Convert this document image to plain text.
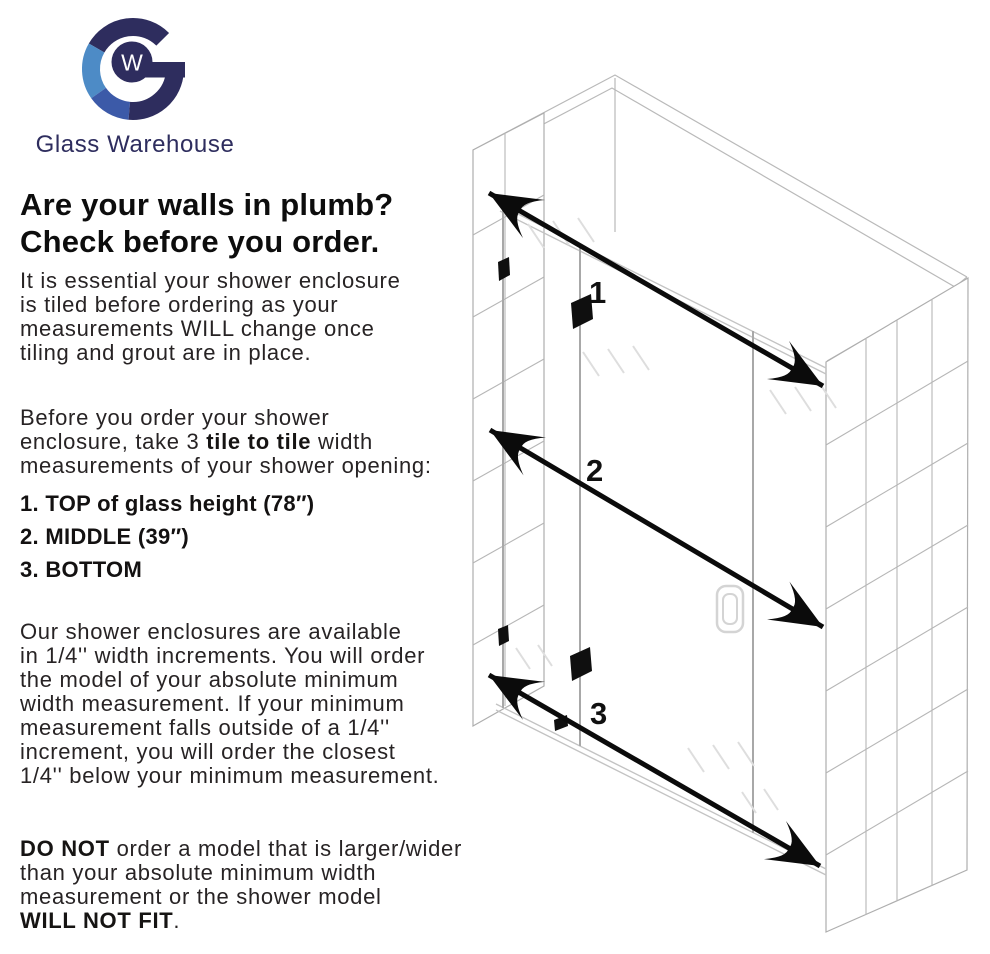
W
Glass Warehouse
Are your walls in plumb?
Check before you order.
It is essential your shower enclosure
is tiled before ordering as your
measurements WILL change once
tiling and grout are in place.
Before you order your shower
enclosure, take 3 tile to tile width
measurements of your shower opening:
1. TOP of glass height (78″)
2. MIDDLE (39″)
3. BOTTOM
Our shower enclosures are available
in 1/4'' width increments. You will order
the model of your absolute minimum
width measurement. If your minimum
measurement falls outside of a 1/4''
increment, you will order the closest
1/4'' below your minimum measurement.
DO NOT order a model that is larger/wider
than your absolute minimum width
measurement or the shower model
WILL NOT FIT.
1
2
3
